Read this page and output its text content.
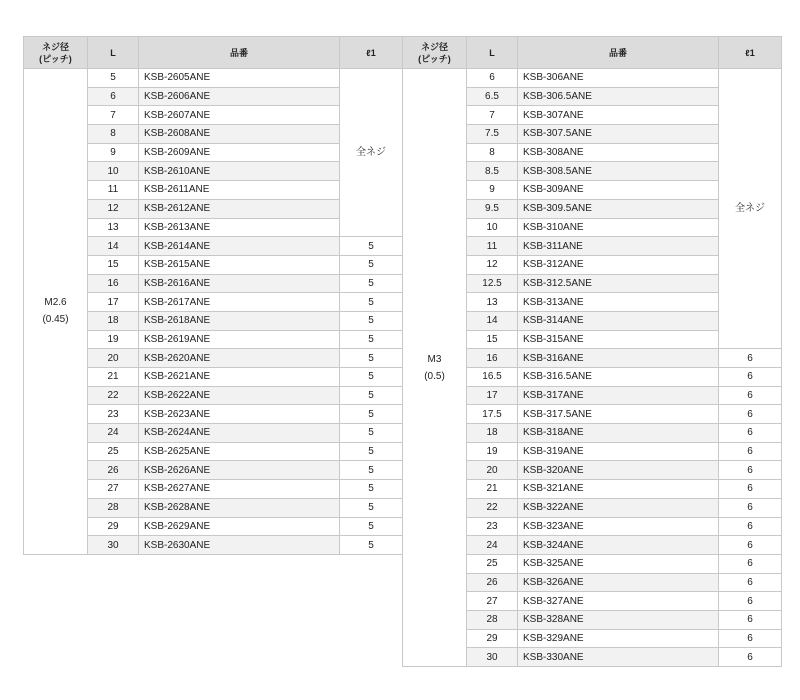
ネジ径
(ピッチ)	L	品番	ℓ1

M2.6
(0.45)	5	KSB-2605ANE	全ネジ
	6	KSB-2606ANE	
	7	KSB-2607ANE	
	8	KSB-2608ANE	
	9	KSB-2609ANE	
	10	KSB-2610ANE	
	11	KSB-2611ANE	
	12	KSB-2612ANE	
	13	KSB-2613ANE	
	14	KSB-2614ANE	5
	15	KSB-2615ANE	5
	16	KSB-2616ANE	5
	17	KSB-2617ANE	5
	18	KSB-2618ANE	5
	19	KSB-2619ANE	5
	20	KSB-2620ANE	5
	21	KSB-2621ANE	5
	22	KSB-2622ANE	5
	23	KSB-2623ANE	5
	24	KSB-2624ANE	5
	25	KSB-2625ANE	5
	26	KSB-2626ANE	5
	27	KSB-2627ANE	5
	28	KSB-2628ANE	5
	29	KSB-2629ANE	5
	30	KSB-2630ANE	5
ネジ径
(ピッチ)	L	品番	ℓ1

M3
(0.5)	6	KSB-306ANE	全ネジ
	6.5	KSB-306.5ANE	
	7	KSB-307ANE	
	7.5	KSB-307.5ANE	
	8	KSB-308ANE	
	8.5	KSB-308.5ANE	
	9	KSB-309ANE	
	9.5	KSB-309.5ANE	
	10	KSB-310ANE	
	11	KSB-311ANE	
	12	KSB-312ANE	
	12.5	KSB-312.5ANE	
	13	KSB-313ANE	
	14	KSB-314ANE	
	15	KSB-315ANE	
	16	KSB-316ANE	6
	16.5	KSB-316.5ANE	6
	17	KSB-317ANE	6
	17.5	KSB-317.5ANE	6
	18	KSB-318ANE	6
	19	KSB-319ANE	6
	20	KSB-320ANE	6
	21	KSB-321ANE	6
	22	KSB-322ANE	6
	23	KSB-323ANE	6
	24	KSB-324ANE	6
	25	KSB-325ANE	6
	26	KSB-326ANE	6
	27	KSB-327ANE	6
	28	KSB-328ANE	6
	29	KSB-329ANE	6
	30	KSB-330ANE	6
